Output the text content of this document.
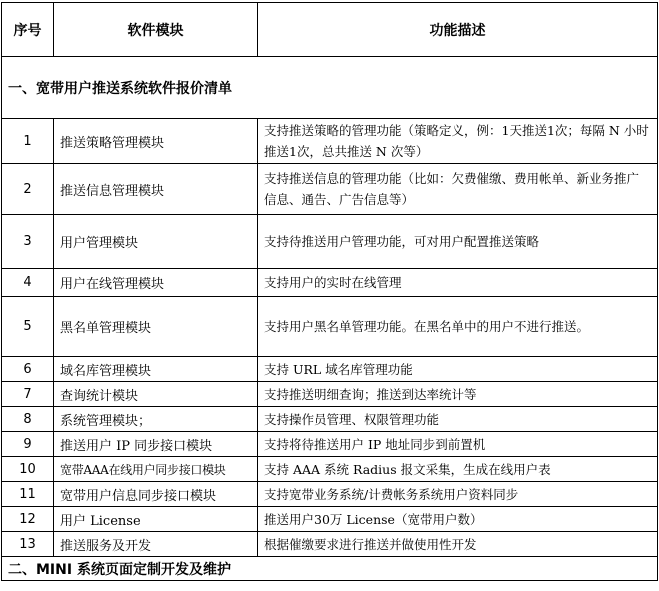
序号	软件模块	功能描述
一、宽带用户推送系统软件报价清单		
1	推送策略管理模块	支持推送策略的管理功能（策略定义，例：1天推送1次；每隔 N 小时推送1次，总共推送 N 次等）
2	推送信息管理模块	支持推送信息的管理功能（比如：欠费催缴、费用帐单、新业务推广信息、通告、广告信息等）
3	用户管理模块	支持待推送用户管理功能，可对用户配置推送策略
4	用户在线管理模块	支持用户的实时在线管理
5	黑名单管理模块	支持用户黑名单管理功能。在黑名单中的用户不进行推送。
6	域名库管理模块	支持 URL 域名库管理功能
7	查询统计模块	支持推送明细查询；推送到达率统计等
8	系统管理模块；	支持操作员管理、权限管理功能
9	推送用户 IP 同步接口模块	支持将待推送用户 IP 地址同步到前置机
10	宽带AAA在线用户同步接口模块	支持 AAA 系统 Radius 报文采集，生成在线用户表
11	宽带用户信息同步接口模块	支持宽带业务系统/计费帐务系统用户资料同步
12	用户 License	推送用户30万 License（宽带用户数）
13	推送服务及开发	根据催缴要求进行推送并做使用性开发
二、MINI 系统页面定制开发及维护		
